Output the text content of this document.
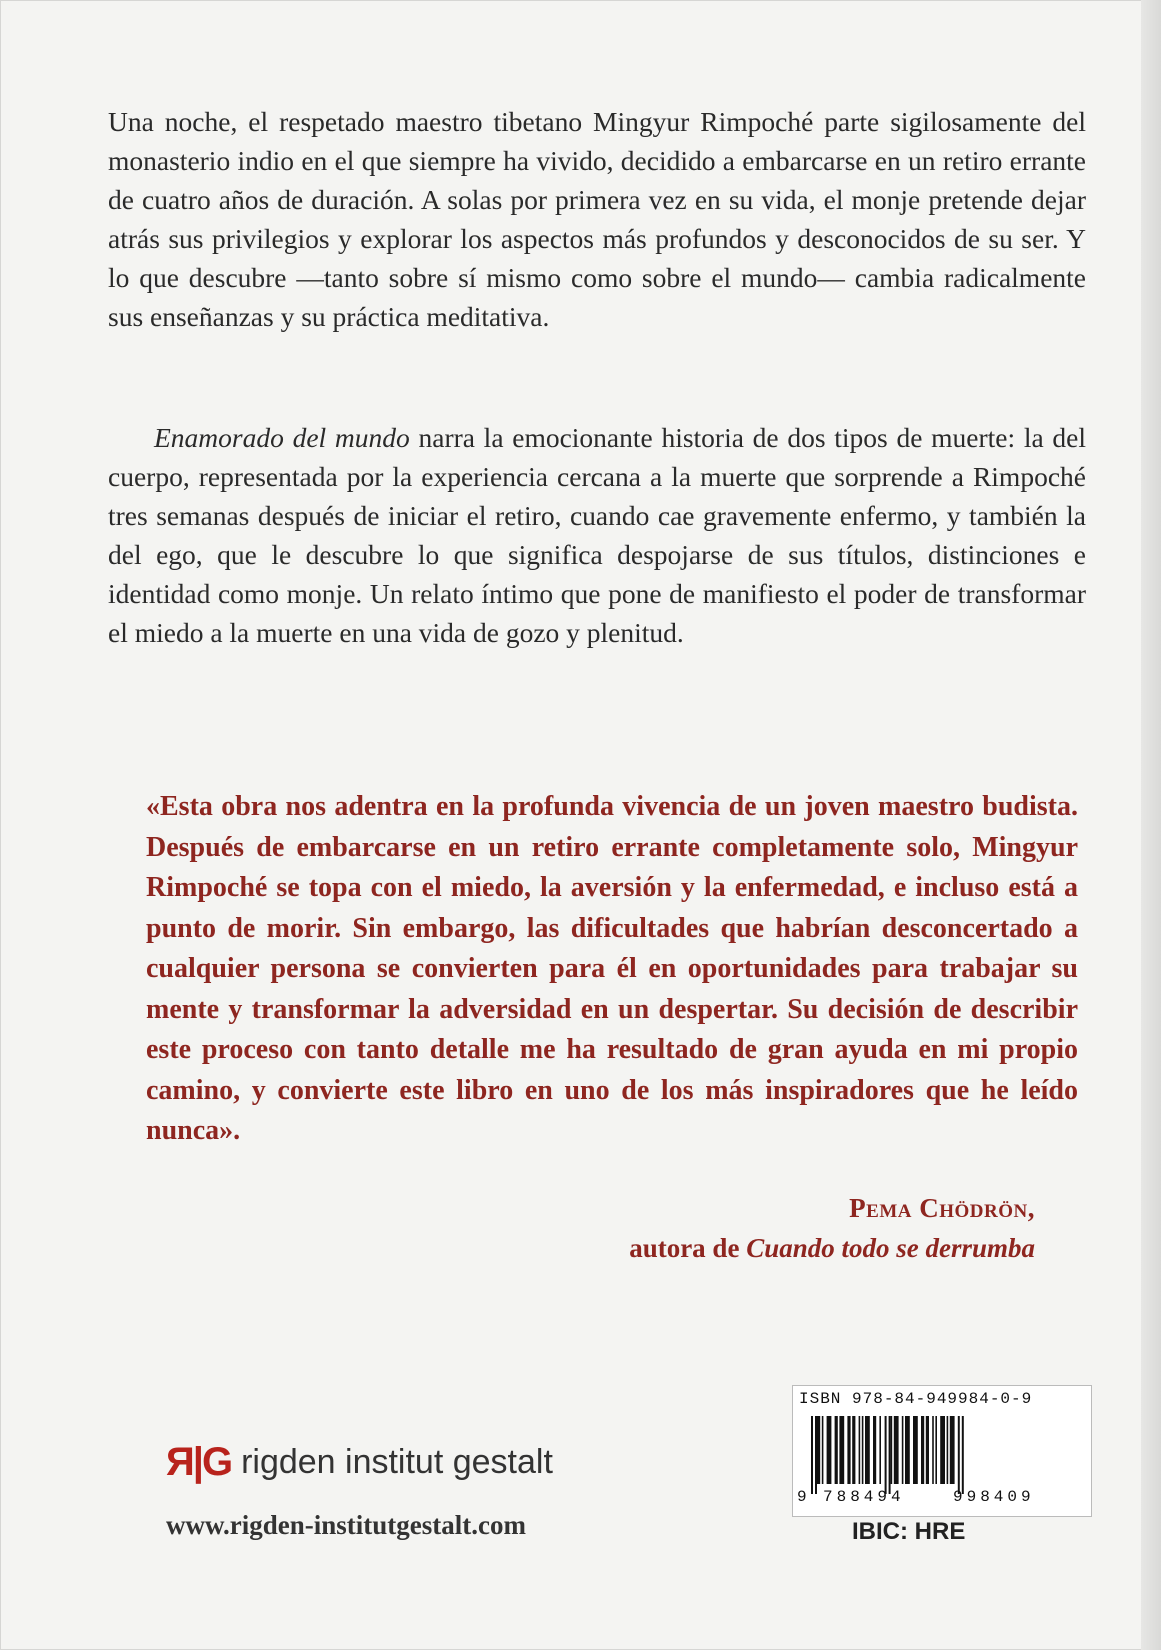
Una noche, el respetado maestro tibetano Mingyur Rimpoché parte sigilosamente del monasterio indio en el que siempre ha vivido, decidido a embarcarse en un retiro errante de cuatro años de duración. A solas por primera vez en su vida, el monje pretende dejar atrás sus privilegios y explorar los aspectos más profundos y desconocidos de su ser. Y lo que descubre —tanto sobre sí mismo como sobre el mundo— cambia radicalmente sus enseñanzas y su práctica meditativa.

Enamorado del mundo narra la emocionante historia de dos tipos de muerte: la del cuerpo, representada por la experiencia cercana a la muerte que sorprende a Rimpoché tres semanas después de iniciar el retiro, cuando cae gravemente enfermo, y también la del ego, que le descubre lo que significa despojarse de sus títulos, distinciones e identidad como monje. Un relato íntimo que pone de manifiesto el poder de transformar el miedo a la muerte en una vida de gozo y plenitud.

«Esta obra nos adentra en la profunda vivencia de un joven maestro budista. Después de embarcarse en un retiro errante completamente solo, Mingyur Rimpoché se topa con el miedo, la aversión y la enfermedad, e incluso está a punto de morir. Sin embargo, las dificultades que habrían desconcertado a cualquier persona se convierten para él en oportunidades para trabajar su mente y transformar la adversidad en un despertar. Su decisión de describir este proceso con tanto detalle me ha resultado de gran ayuda en mi propio camino, y convierte este libro en uno de los más inspiradores que he leído nunca».

Pema Chödrön,
autora de Cuando todo se derrumba
Я|G rigden institut gestalt
www.rigden-institutgestalt.com
ISBN 978-84-949984-0-9
9 788494	998409
IBIC: HRE
